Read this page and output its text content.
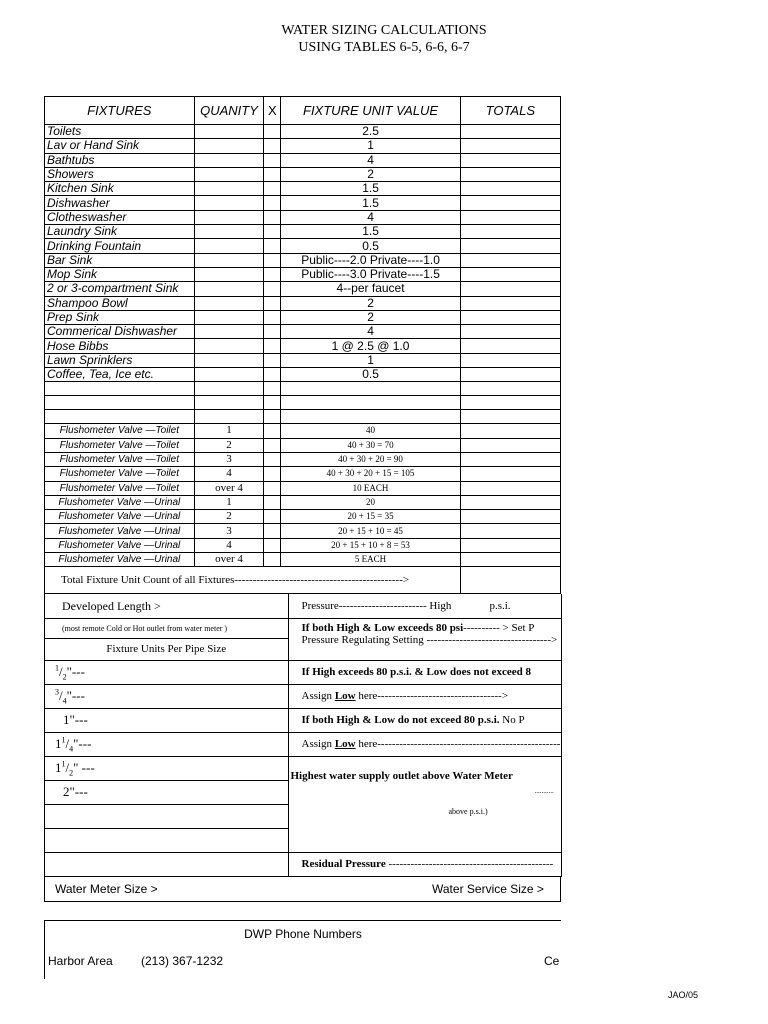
WATER SIZING CALCULATIONS
USING TABLES 6-5, 6-6, 6-7
FIXTURES	QUANITY	X	FIXTURE UNIT VALUE	TOTALS
Toilets			2.5	
Lav or Hand Sink			1	
Bathtubs			4	
Showers			2	
Kitchen Sink			1.5	
Dishwasher			1.5	
Clotheswasher			4	
Laundry Sink			1.5	
Drinking Fountain			0.5	
Bar Sink			Public----2.0 Private----1.0	
Mop Sink			Public----3.0 Private----1.5	
2 or 3-compartment Sink			4--per faucet	
Shampoo Bowl			2	
Prep Sink			2	
Commerical Dishwasher			4	
Hose Bibbs			1 @ 2.5 @ 1.0	
Lawn Sprinklers			1	
Coffee, Tea, Ice etc.			0.5	

Flushometer Valve —Toilet	1		40	
Flushometer Valve —Toilet	2		40 + 30 = 70	
Flushometer Valve —Toilet	3		40 + 30 + 20 = 90	
Flushometer Valve —Toilet	4		40 + 30 + 20 + 15 = 105	
Flushometer Valve —Toilet	over 4		10 EACH	
Flushometer Valve —Urinal	1		20	
Flushometer Valve —Urinal	2		20 + 15 = 35	
Flushometer Valve —Urinal	3		20 + 15 + 10 = 45	
Flushometer Valve —Urinal	4		20 + 15 + 10 + 8 = 53	
Flushometer Valve —Urinal	over 4		5 EACH	
Total Fixture Unit Count of all Fixtures---------------------------------------------->				
Developed Length >	Pressure------------------------ High p.s.i.
(most remote Cold or Hot outlet from water meter )	If both High & Low exceeds 80 psi---------- > Set P
Pressure Regulating Setting ---------------------------------->

Fixture Units Per Pipe Size	
$^1/_2"---$	If High exceeds 80 p.s.i. & Low does not exceed 8
$^3/_4"---$	Assign Low here---------------------------------->
1"---	If both High & Low do not exceed 80 p.s.i. No P
$1^1/_4"---$	Assign Low here--------------------------------------------------
$1^1/_2$" ---	Highest water supply outlet above Water Meter
...........
above p.s.i.)

2"---	

	Residual Pressure ---------------------------------------------
Water Meter Size >	Water Service Size >
DWP Phone Numbers
Harbor Area (213) 367-1232	Ce
JAO/05
